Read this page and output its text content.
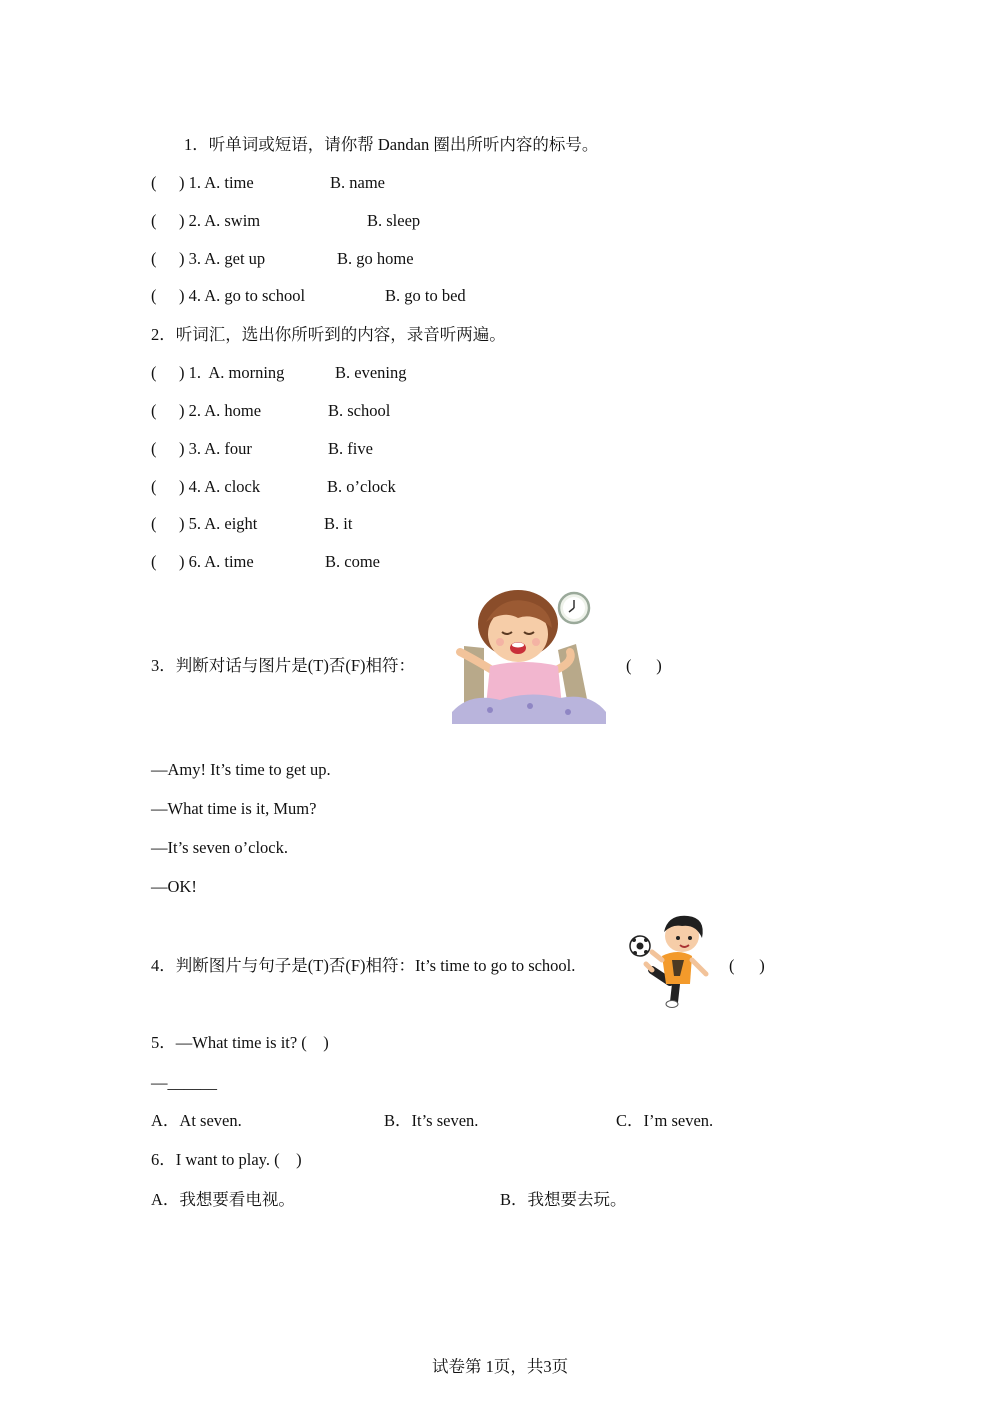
1．听单词或短语，请你帮 Dandan 圈出所听内容的标号。
( ) 1. A. time	B. name
( ) 2. A. swim	B. sleep
( ) 3. A. get up	B. go home
( ) 4. A. go to school	B. go to bed
2．听词汇，选出你所听到的内容，录音听两遍。
( ) 1.  A. morning	B. evening
( ) 2. A. home	B. school
( ) 3. A. four	B. five
( ) 4. A. clock	B. o’clock
( ) 5. A. eight	B. it
( ) 6. A. time	B. come
3．判断对话与图片是(T)否(F)相符：	(      )
—Amy! It’s time to get up.
—What time is it, Mum?
—It’s seven o’clock.
—OK!
4．判断图片与句子是(T)否(F)相符：It’s time to go to school.	(      )
5．—What time is it? (    )
—______
A．At seven.	B．It’s seven.	C．I’m seven.
6．I want to play. (    )
A．我想要看电视。	B．我想要去玩。
试卷第 1页，共3页
